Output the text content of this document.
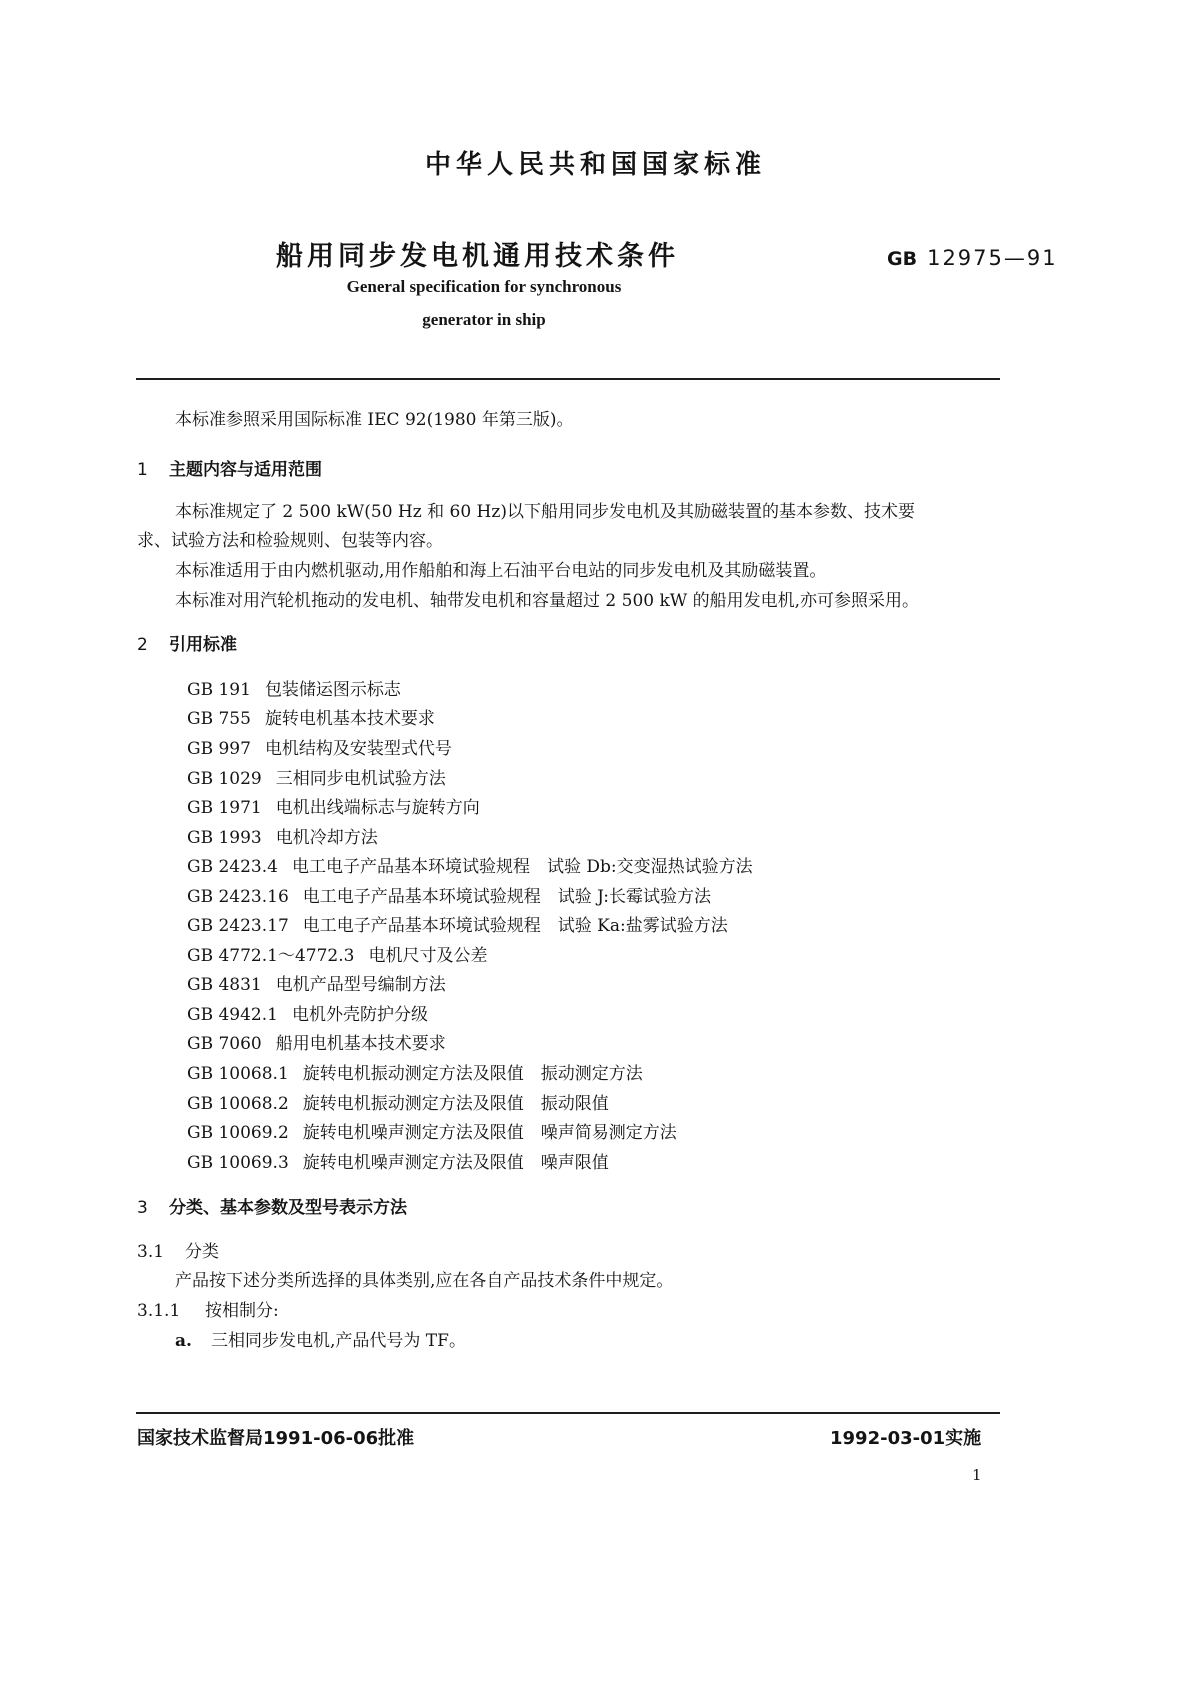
中华人民共和国国家标准
船用同步发电机通用技术条件	GB 12975—91
General specification for synchronous
generator in ship
本标准参照采用国际标准 IEC 92(1980 年第三版)。
1 主题内容与适用范围
本标准规定了 2 500 kW(50 Hz 和 60 Hz)以下船用同步发电机及其励磁装置的基本参数、技术要
求、试验方法和检验规则、包装等内容。
本标准适用于由内燃机驱动,用作船舶和海上石油平台电站的同步发电机及其励磁装置。
本标准对用汽轮机拖动的发电机、轴带发电机和容量超过 2 500 kW 的船用发电机,亦可参照采用。
2 引用标准
GB 191 包装储运图示标志
GB 755 旋转电机基本技术要求
GB 997 电机结构及安装型式代号
GB 1029 三相同步电机试验方法
GB 1971 电机出线端标志与旋转方向
GB 1993 电机冷却方法
GB 2423.4 电工电子产品基本环境试验规程　试验 Db:交变湿热试验方法
GB 2423.16 电工电子产品基本环境试验规程　试验 J:长霉试验方法
GB 2423.17 电工电子产品基本环境试验规程　试验 Ka:盐雾试验方法
GB 4772.1～4772.3 电机尺寸及公差
GB 4831 电机产品型号编制方法
GB 4942.1 电机外壳防护分级
GB 7060 船用电机基本技术要求
GB 10068.1 旋转电机振动测定方法及限值　振动测定方法
GB 10068.2 旋转电机振动测定方法及限值　振动限值
GB 10069.2 旋转电机噪声测定方法及限值　噪声简易测定方法
GB 10069.3 旋转电机噪声测定方法及限值　噪声限值
3 分类、基本参数及型号表示方法
3.1 分类
产品按下述分类所选择的具体类别,应在各自产品技术条件中规定。
3.1.1 按相制分:
a. 三相同步发电机,产品代号为 TF。
国家技术监督局1991-06-06批准	1992-03-01实施
1
